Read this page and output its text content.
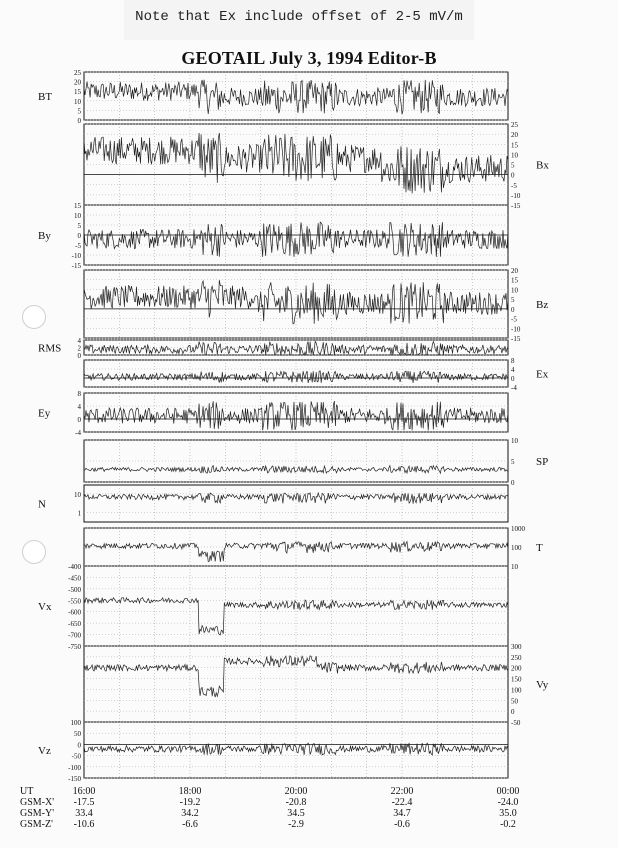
Note that Ex include offset of 2-5 mV/m
GEOTAIL July 3, 1994 Editor-B
25
20
15
10
5
0
BT
25
20
15
10
5
0
-5
-10
-15
Bx
15
10
5
0
-5
-10
-15
By
20
15
10
5
0
-5
-10
-15
Bz
4
2
0
RMS
8
4
0
-4
Ex
8
4
0
-4
Ey
10
5
0
SP
10
1
N
1000
100
10
T
-400
-450
-500
-550
-600
-650
-700
-750
Vx
300
250
200
150
100
50
0
-50
Vy
100
50
0
-50
-100
-150
Vz
UT	16:00	18:00	20:00	22:00	00:00
GSM-X'	-17.5	-19.2	-20.8	-22.4	-24.0
GSM-Y'	33.4	34.2	34.5	34.7	35.0
GSM-Z'	-10.6	-6.6	-2.9	-0.6	-0.2
